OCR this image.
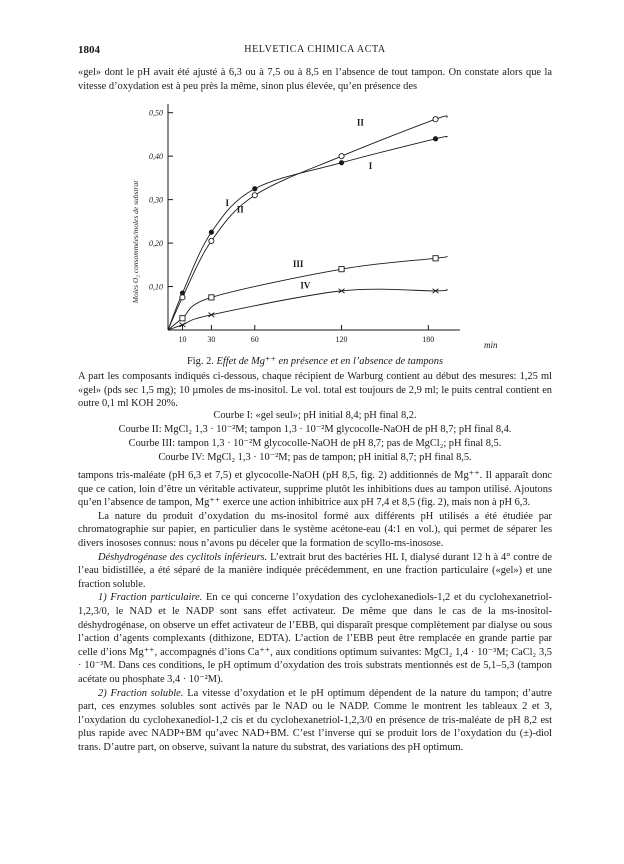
1804	HELVETICA CHIMICA ACTA
«gel» dont le pH avait été ajusté à 6,3 ou à 7,5 ou à 8,5 en l’absence de tout tampon. On constate alors que la vitesse d’oxydation est à peu près la même, sinon plus élevée, qu’en présence des
0,10
0,20
0,30
0,40
0,50
10	30	60	120	180
I
II
III
IV
II
I
Moles O₂ consommées/moles de substrat
min
Fig. 2. Effet de Mg⁺⁺ en présence et en l’absence de tampons
A part les composants indiqués ci-dessous, chaque récipient de Warburg contient au début des mesures: 1,25 ml «gel» (pds sec 1,5 mg); 10 µmoles de ms-inositol. Le vol. total est toujours de 2,9 ml; le puits central contient en outre 0,1 ml KOH 20%.
Courbe I: «gel seul»; pH initial 8,4; pH final 8,2.
Courbe II: MgCl₂ 1,3 · 10⁻²M; tampon 1,3 · 10⁻²M glycocolle-NaOH de pH 8,7; pH final 8,4.
Courbe III: tampon 1,3 · 10⁻²M glycocolle-NaOH de pH 8,7; pas de MgCl₂; pH final 8,5.
Courbe IV: MgCl₂ 1,3 · 10⁻²M; pas de tampon; pH initial 8,7; pH final 8,5.

tampons tris-maléate (pH 6,3 et 7,5) et glycocolle-NaOH (pH 8,5, fig. 2) additionnés de Mg⁺⁺. Il apparaît donc que ce cation, loin d’être un véritable activateur, supprime plutôt les inhibitions dues au tampon utilisé. Ajoutons qu’en l’absence de tampon, Mg⁺⁺ exerce une action inhibitrice aux pH 7,4 et 8,5 (fig. 2), mais non à pH 6,3.

La nature du produit d’oxydation du ms-inositol formé aux différents pH utilisés a été étudiée par chromatographie sur papier, en particulier dans le système acétone-eau (4:1 en vol.), qui permet de séparer les divers inososes connus: nous n’avons pu déceler que la formation de scyllo-ms-inosose.

Déshydrogénase des cyclitols inférieurs. L’extrait brut des bactéries HL I, dialysé durant 12 h à 4° contre de l’eau bidistillée, a été séparé de la manière indiquée précédemment, en une fraction particulaire («gel») et une fraction soluble.

1) Fraction particulaire. En ce qui concerne l’oxydation des cyclohexanediols-1,2 et du cyclohexanetriol-1,2,3/0, le NAD et le NADP sont sans effet activateur. De même que dans le cas de la ms-inositol-déshydrogénase, on observe un effet activateur de l’EBB, qui disparaît presque complètement par dialyse ou sous l’action d’agents complexants (dithizone, EDTA). L’action de l’EBB peut être remplacée en grande partie par celle d’ions Mg⁺⁺, accompagnés d’ions Ca⁺⁺, aux conditions optimum suivantes: MgCl₂ 1,4 · 10⁻³M; CaCl₂ 3,5 · 10⁻³M. Dans ces conditions, le pH optimum d’oxydation des trois substrats mentionnés est de 5,1–5,3 (tampon acétate ou phosphate 3,4 · 10⁻²M).

2) Fraction soluble. La vitesse d’oxydation et le pH optimum dépendent de la nature du tampon; d’autre part, ces enzymes solubles sont activés par le NAD ou le NADP. Comme le montrent les tableaux 2 et 3, l’oxydation du cyclohexanediol-1,2 cis et du cyclohexanetriol-1,2,3/0 en présence de tris-maléate de pH 8,2 est plus rapide avec NADP+BM qu’avec NAD+BM. C’est l’inverse qui se produit lors de l’oxydation du (±)-diol trans. D’autre part, on observe, suivant la nature du substrat, des variations des pH optimum.
